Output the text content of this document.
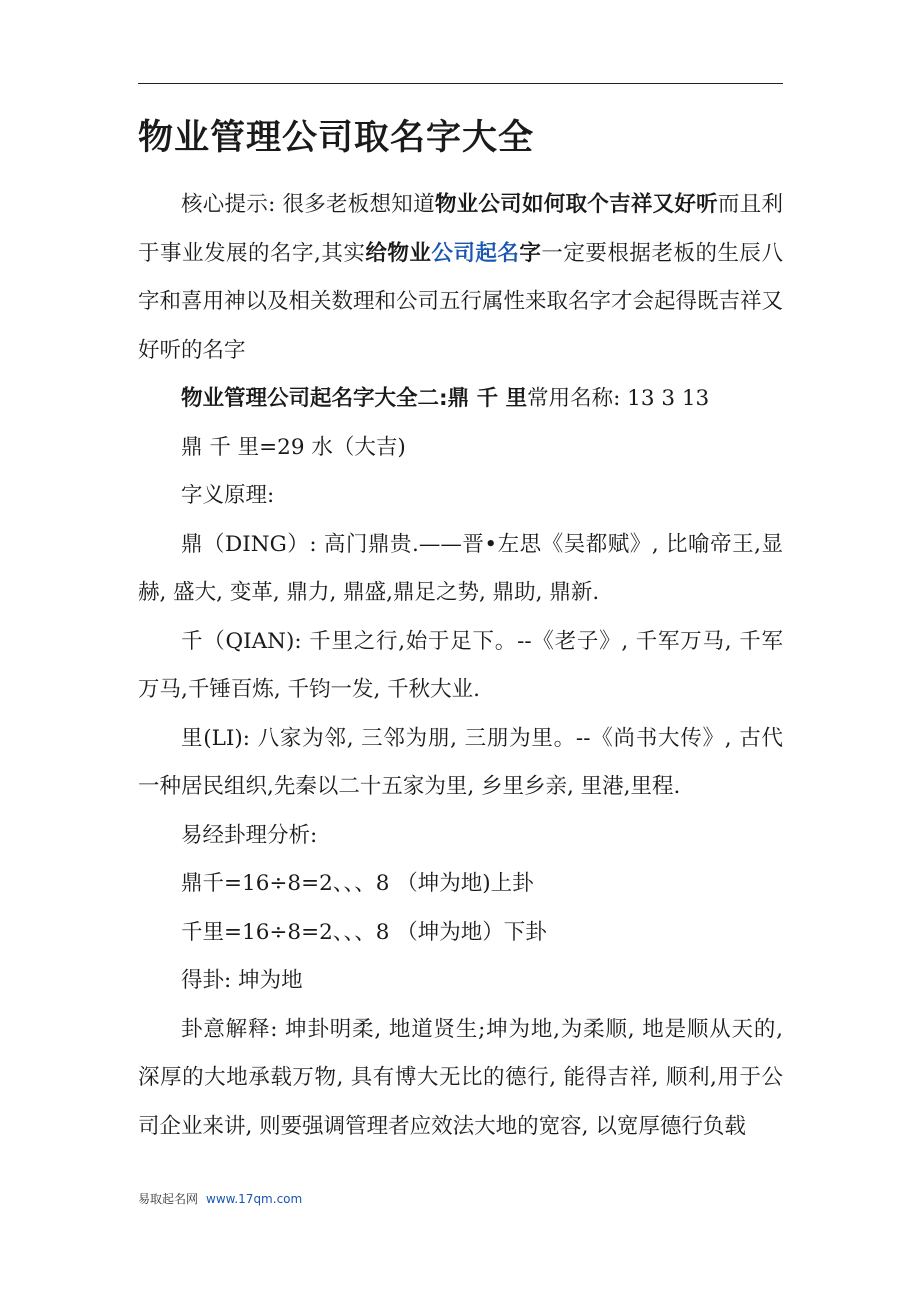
物业管理公司取名字大全

核心提示: 很多老板想知道物业公司如何取个吉祥又好听而且利于事业发展的名字,其实给物业公司起名字一定要根据老板的生辰八字和喜用神以及相关数理和公司五行属性来取名字才会起得既吉祥又好听的名字

物业管理公司起名字大全二:鼎 千 里常用名称: 13 3 13

鼎 千 里=29 水（大吉)

字义原理:

鼎（DING）: 高门鼎贵.——晋•左思《吴都赋》, 比喻帝王,显赫, 盛大, 变革, 鼎力, 鼎盛,鼎足之势, 鼎助, 鼎新.

千（QIAN): 千里之行,始于足下。--《老子》, 千军万马, 千军万马,千锤百炼, 千钧一发, 千秋大业.

里(LI): 八家为邻, 三邻为朋, 三朋为里。--《尚书大传》, 古代一种居民组织,先秦以二十五家为里, 乡里乡亲, 里港,里程.

易经卦理分析:

鼎千=16÷8=2、、、8 （坤为地)上卦

千里=16÷8=2、、、8 （坤为地）下卦

得卦: 坤为地

卦意解释: 坤卦明柔, 地道贤生;坤为地,为柔顺, 地是顺从天的, 深厚的大地承载万物, 具有博大无比的德行, 能得吉祥, 顺利,用于公司企业来讲, 则要强调管理者应效法大地的宽容, 以宽厚德行负载

易取起名网 www.17qm.com
